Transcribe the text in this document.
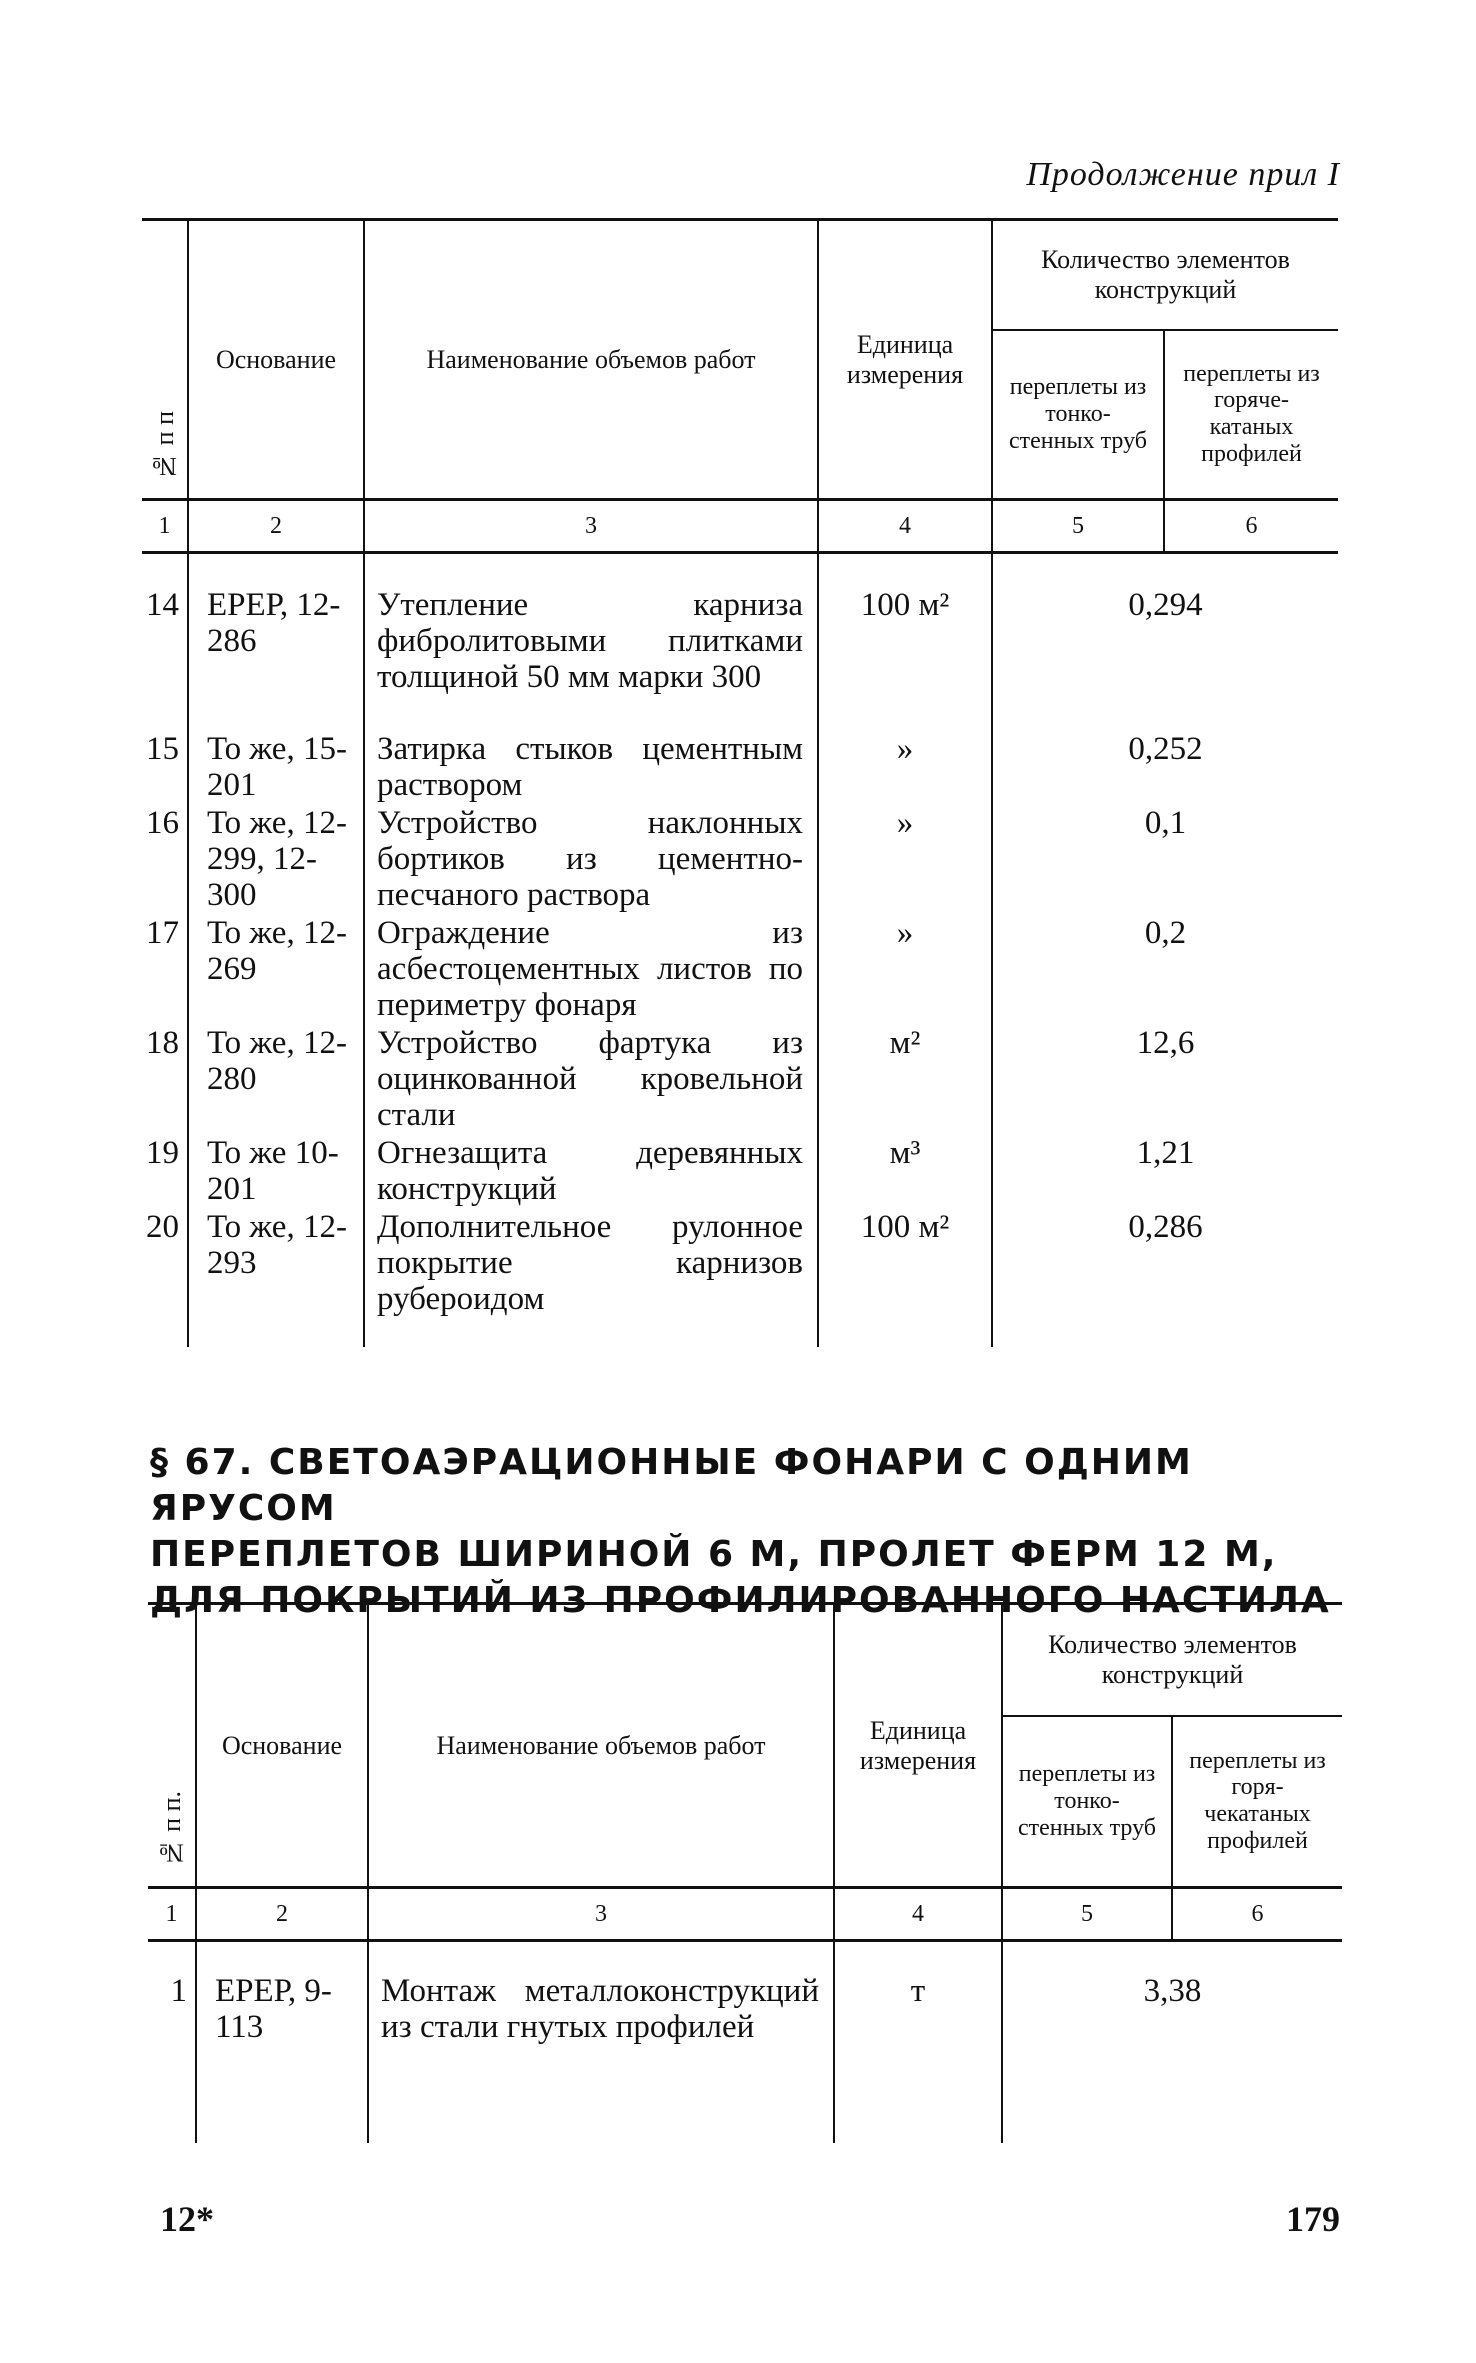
Продолжение прил I
№ п п	Основание	Наименование объемов работ	Единица измерения	Количество элементов конструкций	
				переплеты из тонко- стенных труб	переплеты из горяче- катаных профилей
1	2	3	4	5	6

14	ЕРЕР, 12-286	Утепление карниза фибролитовыми плитками толщиной 50 мм марки 300	100 м²	0,294	
15	То же, 15-201	Затирка стыков цементным раствором	»	0,252	
16	То же, 12-299, 12-300	Устройство наклонных бортиков из цементно-песчаного раствора	»	0,1	
17	То же, 12-269	Ограждение из асбестоцементных листов по периметру фонаря	»	0,2	
18	То же, 12-280	Устройство фартука из оцинкованной кровельной стали	м²	12,6	
19	То же 10-201	Огнезащита деревянных конструкций	м³	1,21	
20	То же, 12-293	Дополнительное рулонное покрытие карнизов рубероидом	100 м²	0,286	
§ 67. СВЕТОАЭРАЦИОННЫЕ ФОНАРИ С ОДНИМ ЯРУСОМ
ПЕРЕПЛЕТОВ ШИРИНОЙ 6 М, ПРОЛЕТ ФЕРМ 12 М,
ДЛЯ ПОКРЫТИЙ ИЗ ПРОФИЛИРОВАННОГО НАСТИЛА
№ п п.	Основание	Наименование объемов работ	Единица измерения	Количество элементов конструкций	
				переплеты из тонко- стенных труб	переплеты из горя- чекатаных профилей
1	2	3	4	5	6

1	ЕРЕР, 9-113	Монтаж металлоконструкций из стали гнутых профилей	т	3,38	
12*	179
